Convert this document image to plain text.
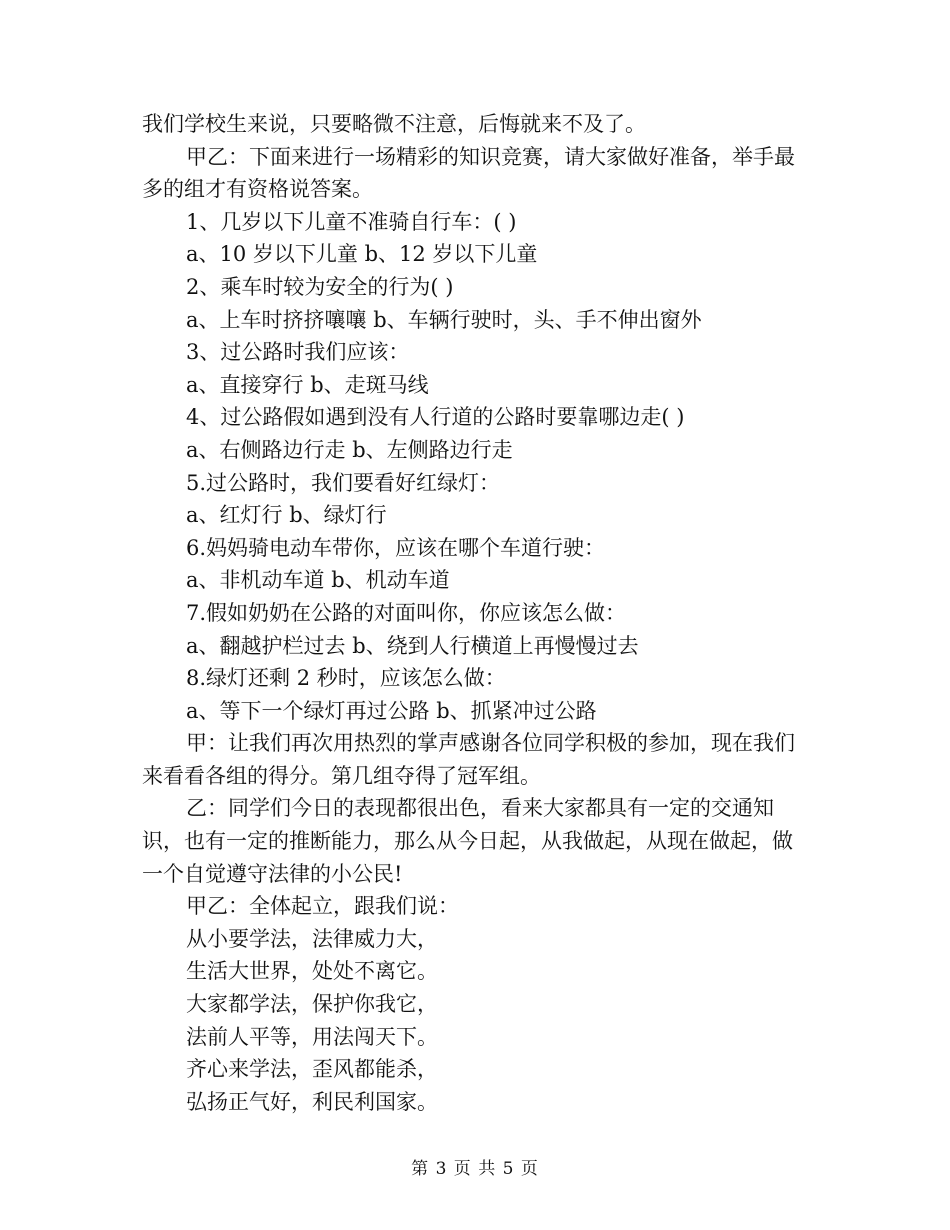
我们学校生来说，只要略微不注意，后悔就来不及了。

甲乙：下面来进行一场精彩的知识竞赛，请大家做好准备，举手最多的组才有资格说答案。

1、几岁以下儿童不准骑自行车：( )

a、10 岁以下儿童 b、12 岁以下儿童

2、乘车时较为安全的行为( )

a、上车时挤挤嚷嚷 b、车辆行驶时，头、手不伸出窗外

3、过公路时我们应该：

a、直接穿行 b、走斑马线

4、过公路假如遇到没有人行道的公路时要靠哪边走( )

a、右侧路边行走 b、左侧路边行走

5.过公路时，我们要看好红绿灯：

a、红灯行 b、绿灯行

6.妈妈骑电动车带你，应该在哪个车道行驶：

a、非机动车道 b、机动车道

7.假如奶奶在公路的对面叫你，你应该怎么做：

a、翻越护栏过去 b、绕到人行横道上再慢慢过去

8.绿灯还剩 2 秒时，应该怎么做：

a、等下一个绿灯再过公路 b、抓紧冲过公路

甲：让我们再次用热烈的掌声感谢各位同学积极的参加，现在我们来看看各组的得分。第几组夺得了冠军组。

乙：同学们今日的表现都很出色，看来大家都具有一定的交通知识，也有一定的推断能力，那么从今日起，从我做起，从现在做起，做一个自觉遵守法律的小公民!

甲乙：全体起立，跟我们说：

从小要学法，法律威力大，

生活大世界，处处不离它。

大家都学法，保护你我它，

法前人平等，用法闯天下。

齐心来学法，歪风都能杀，

弘扬正气好，利民利国家。

第 3 页 共 5 页
